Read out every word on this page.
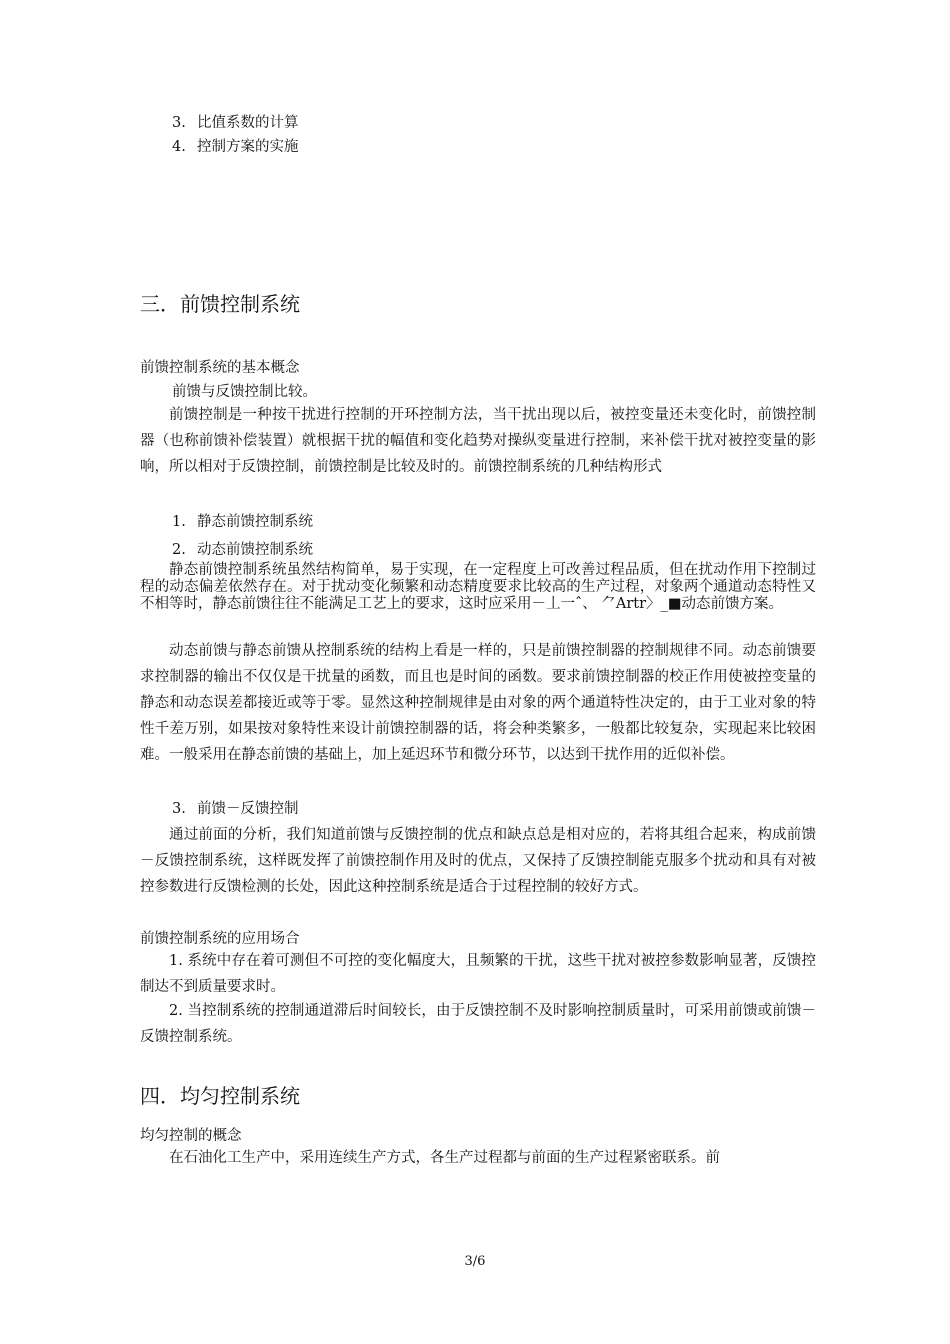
3. 比值系数的计算
4. 控制方案的实施
三．前馈控制系统
前馈控制系统的基本概念
前馈与反馈控制比较。

前馈控制是一种按干扰进行控制的开环控制方法，当干扰出现以后，被控变量还未变化时，前馈控制器（也称前馈补偿装置）就根据干扰的幅值和变化趋势对操纵变量进行控制，来补偿干扰对被控变量的影响，所以相对于反馈控制，前馈控制是比较及时的。前馈控制系统的几种结构形式

1. 静态前馈控制系统
2. 动态前馈控制系统

静态前馈控制系统虽然结构简单，易于实现，在一定程度上可改善过程品质，但在扰动作用下控制过程的动态偏差依然存在。对于扰动变化频繁和动态精度要求比较高的生产过程，对象两个通道动态特性又不相等时，静态前馈往往不能满足工艺上的要求，这时应采用－丄一ˆ、 ⺈Artr〉_■动态前馈方案。

动态前馈与静态前馈从控制系统的结构上看是一样的，只是前馈控制器的控制规律不同。动态前馈要求控制器的输出不仅仅是干扰量的函数，而且也是时间的函数。要求前馈控制器的校正作用使被控变量的静态和动态误差都接近或等于零。显然这种控制规律是由对象的两个通道特性决定的，由于工业对象的特性千差万别，如果按对象特性来设计前馈控制器的话，将会种类繁多，一般都比较复杂，实现起来比较困难。一般采用在静态前馈的基础上，加上延迟环节和微分环节，以达到干扰作用的近似补偿。

3. 前馈－反馈控制

通过前面的分析，我们知道前馈与反馈控制的优点和缺点总是相对应的，若将其组合起来，构成前馈－反馈控制系统，这样既发挥了前馈控制作用及时的优点，又保持了反馈控制能克服多个扰动和具有对被控参数进行反馈检测的长处，因此这种控制系统是适合于过程控制的较好方式。

前馈控制系统的应用场合

1. 系统中存在着可测但不可控的变化幅度大，且频繁的干扰，这些干扰对被控参数影响显著，反馈控制达不到质量要求时。

2. 当控制系统的控制通道滞后时间较长，由于反馈控制不及时影响控制质量时，可采用前馈或前馈－反馈控制系统。

四．均匀控制系统
均匀控制的概念

在石油化工生产中，采用连续生产方式，各生产过程都与前面的生产过程紧密联系。前

3/6
